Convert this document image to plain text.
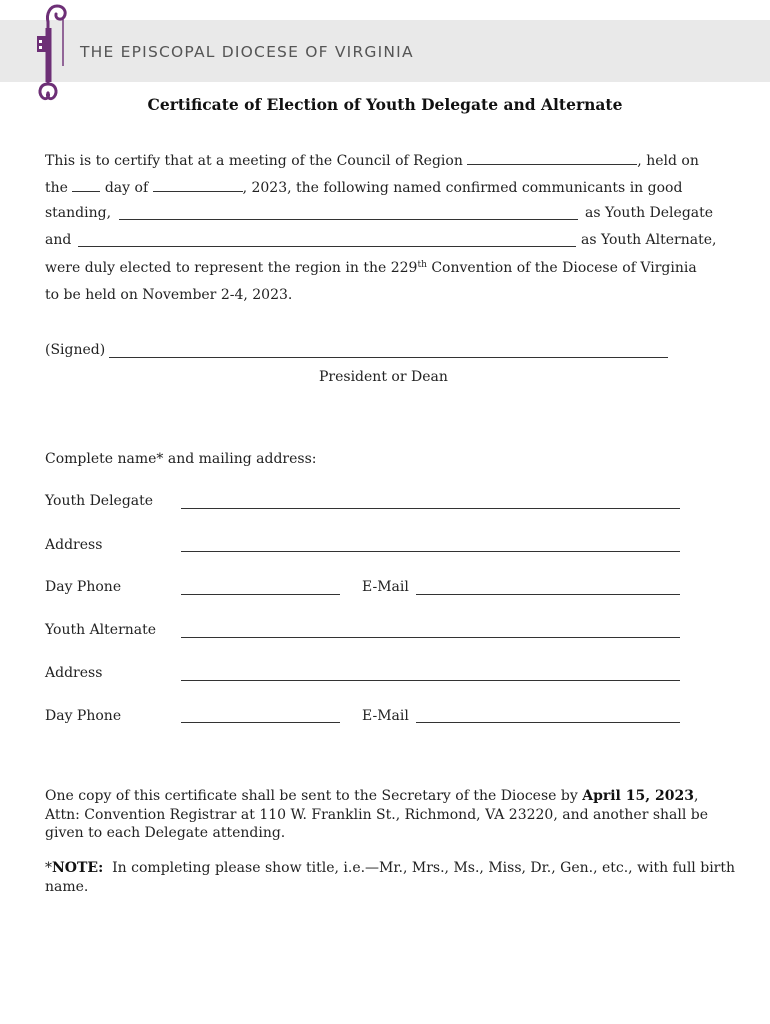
THE EPISCOPAL DIOCESE OF VIRGINIA
Certificate of Election of Youth Delegate and Alternate
This is to certify that at a meeting of the Council of Region	, held on
the	day of	, 2023, the following named confirmed communicants in good
standing,	as Youth Delegate
and	as Youth Alternate,
were duly elected to represent the region in the 229th Convention of the Diocese of Virginia
to be held on November 2-4, 2023.
(Signed)
President or Dean
Complete name* and mailing address:
Youth Delegate
Address
Day Phone	E-Mail
Youth Alternate
Address
Day Phone	E-Mail
One copy of this certificate shall be sent to the Secretary of the Diocese by April 15, 2023, Attn: Convention Registrar at 110 W. Franklin St., Richmond, VA 23220, and another shall be given to each Delegate attending.
*NOTE:  In completing please show title, i.e.—Mr., Mrs., Ms., Miss, Dr., Gen., etc., with full birth name.
